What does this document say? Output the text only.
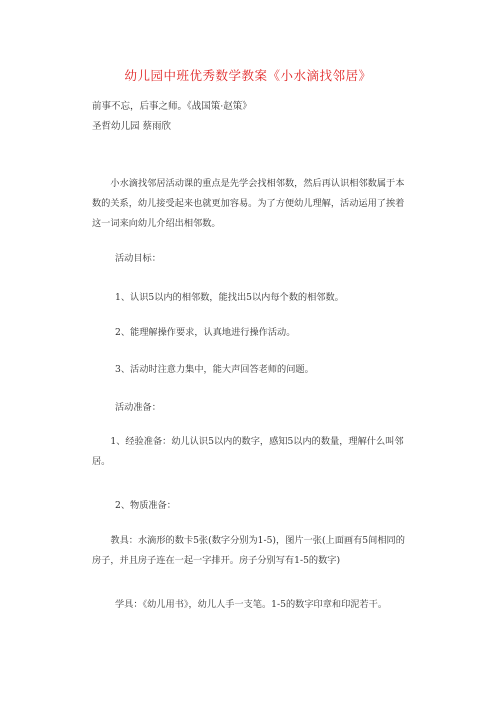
幼儿园中班优秀数学教案《小水滴找邻居》
前事不忘，后事之师。《战国策·赵策》
圣哲幼儿园 蔡雨欣

小水滴找邻居活动课的重点是先学会找相邻数，然后再认识相邻数属于本数的关系，幼儿接受起来也就更加容易。为了方便幼儿理解，活动运用了挨着这一词来向幼儿介绍出相邻数。

活动目标：
1、认识5以内的相邻数，能找出5以内每个数的相邻数。
2、能理解操作要求，认真地进行操作活动。
3、活动时注意力集中，能大声回答老师的问题。
活动准备：

1、经验准备：幼儿认识5以内的数字，感知5以内的数量，理解什么叫邻居。

2、物质准备：

教具：水滴形的数卡5张(数字分别为1-5)，图片一张(上面画有5间相同的房子，并且房子连在一起一字排开。房子分别写有1-5的数字)

学具：《幼儿用书》，幼儿人手一支笔。1-5的数字印章和印泥若干。
